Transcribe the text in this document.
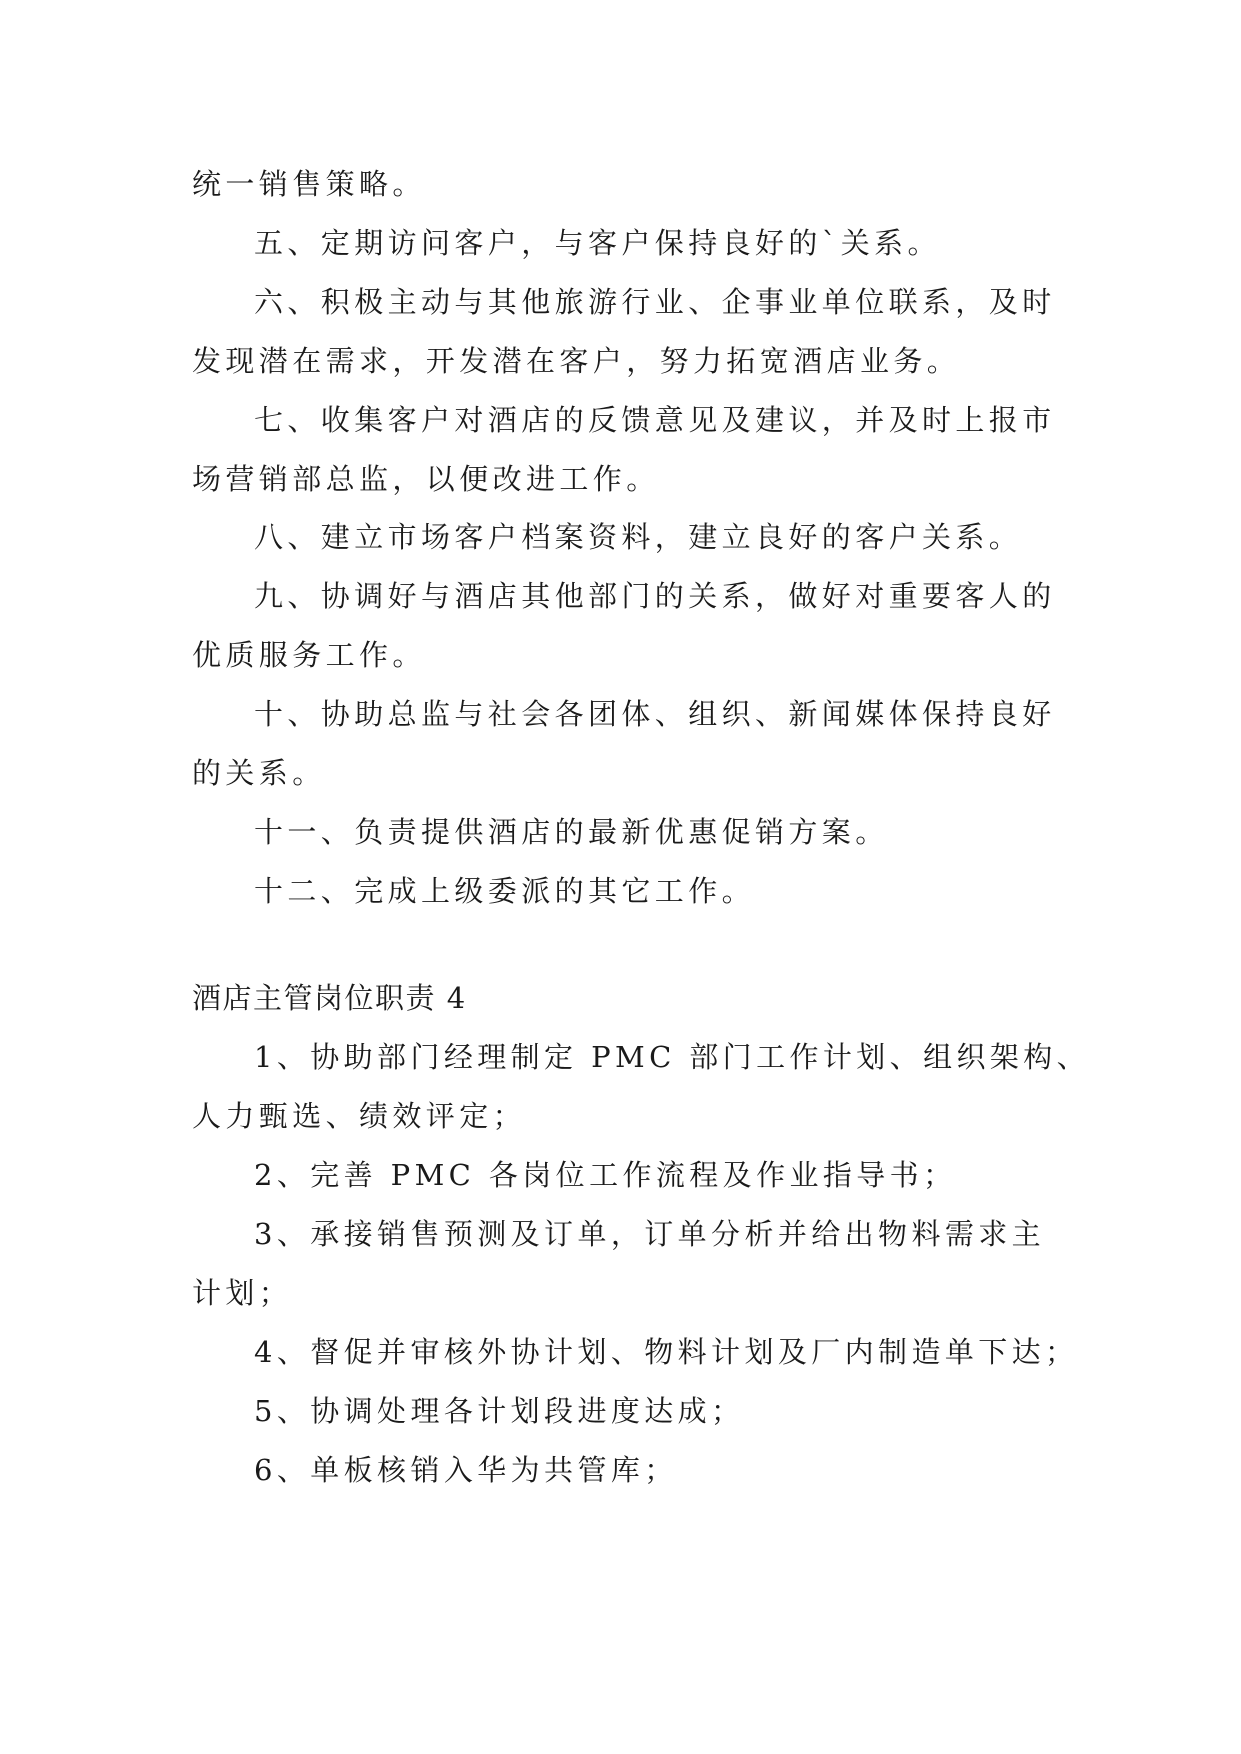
统一销售策略。
五、定期访问客户，与客户保持良好的`关系。
六、积极主动与其他旅游行业、企事业单位联系，及时
发现潜在需求，开发潜在客户，努力拓宽酒店业务。
七、收集客户对酒店的反馈意见及建议，并及时上报市
场营销部总监，以便改进工作。
八、建立市场客户档案资料，建立良好的客户关系。
九、协调好与酒店其他部门的关系，做好对重要客人的
优质服务工作。
十、协助总监与社会各团体、组织、新闻媒体保持良好
的关系。
十一、负责提供酒店的最新优惠促销方案。
十二、完成上级委派的其它工作。
酒店主管岗位职责 4
1、协助部门经理制定 PMC 部门工作计划、组织架构、
人力甄选、绩效评定；
2、完善 PMC 各岗位工作流程及作业指导书；
3、承接销售预测及订单，订单分析并给出物料需求主
计划；
4、督促并审核外协计划、物料计划及厂内制造单下达；
5、协调处理各计划段进度达成；
6、单板核销入华为共管库；
